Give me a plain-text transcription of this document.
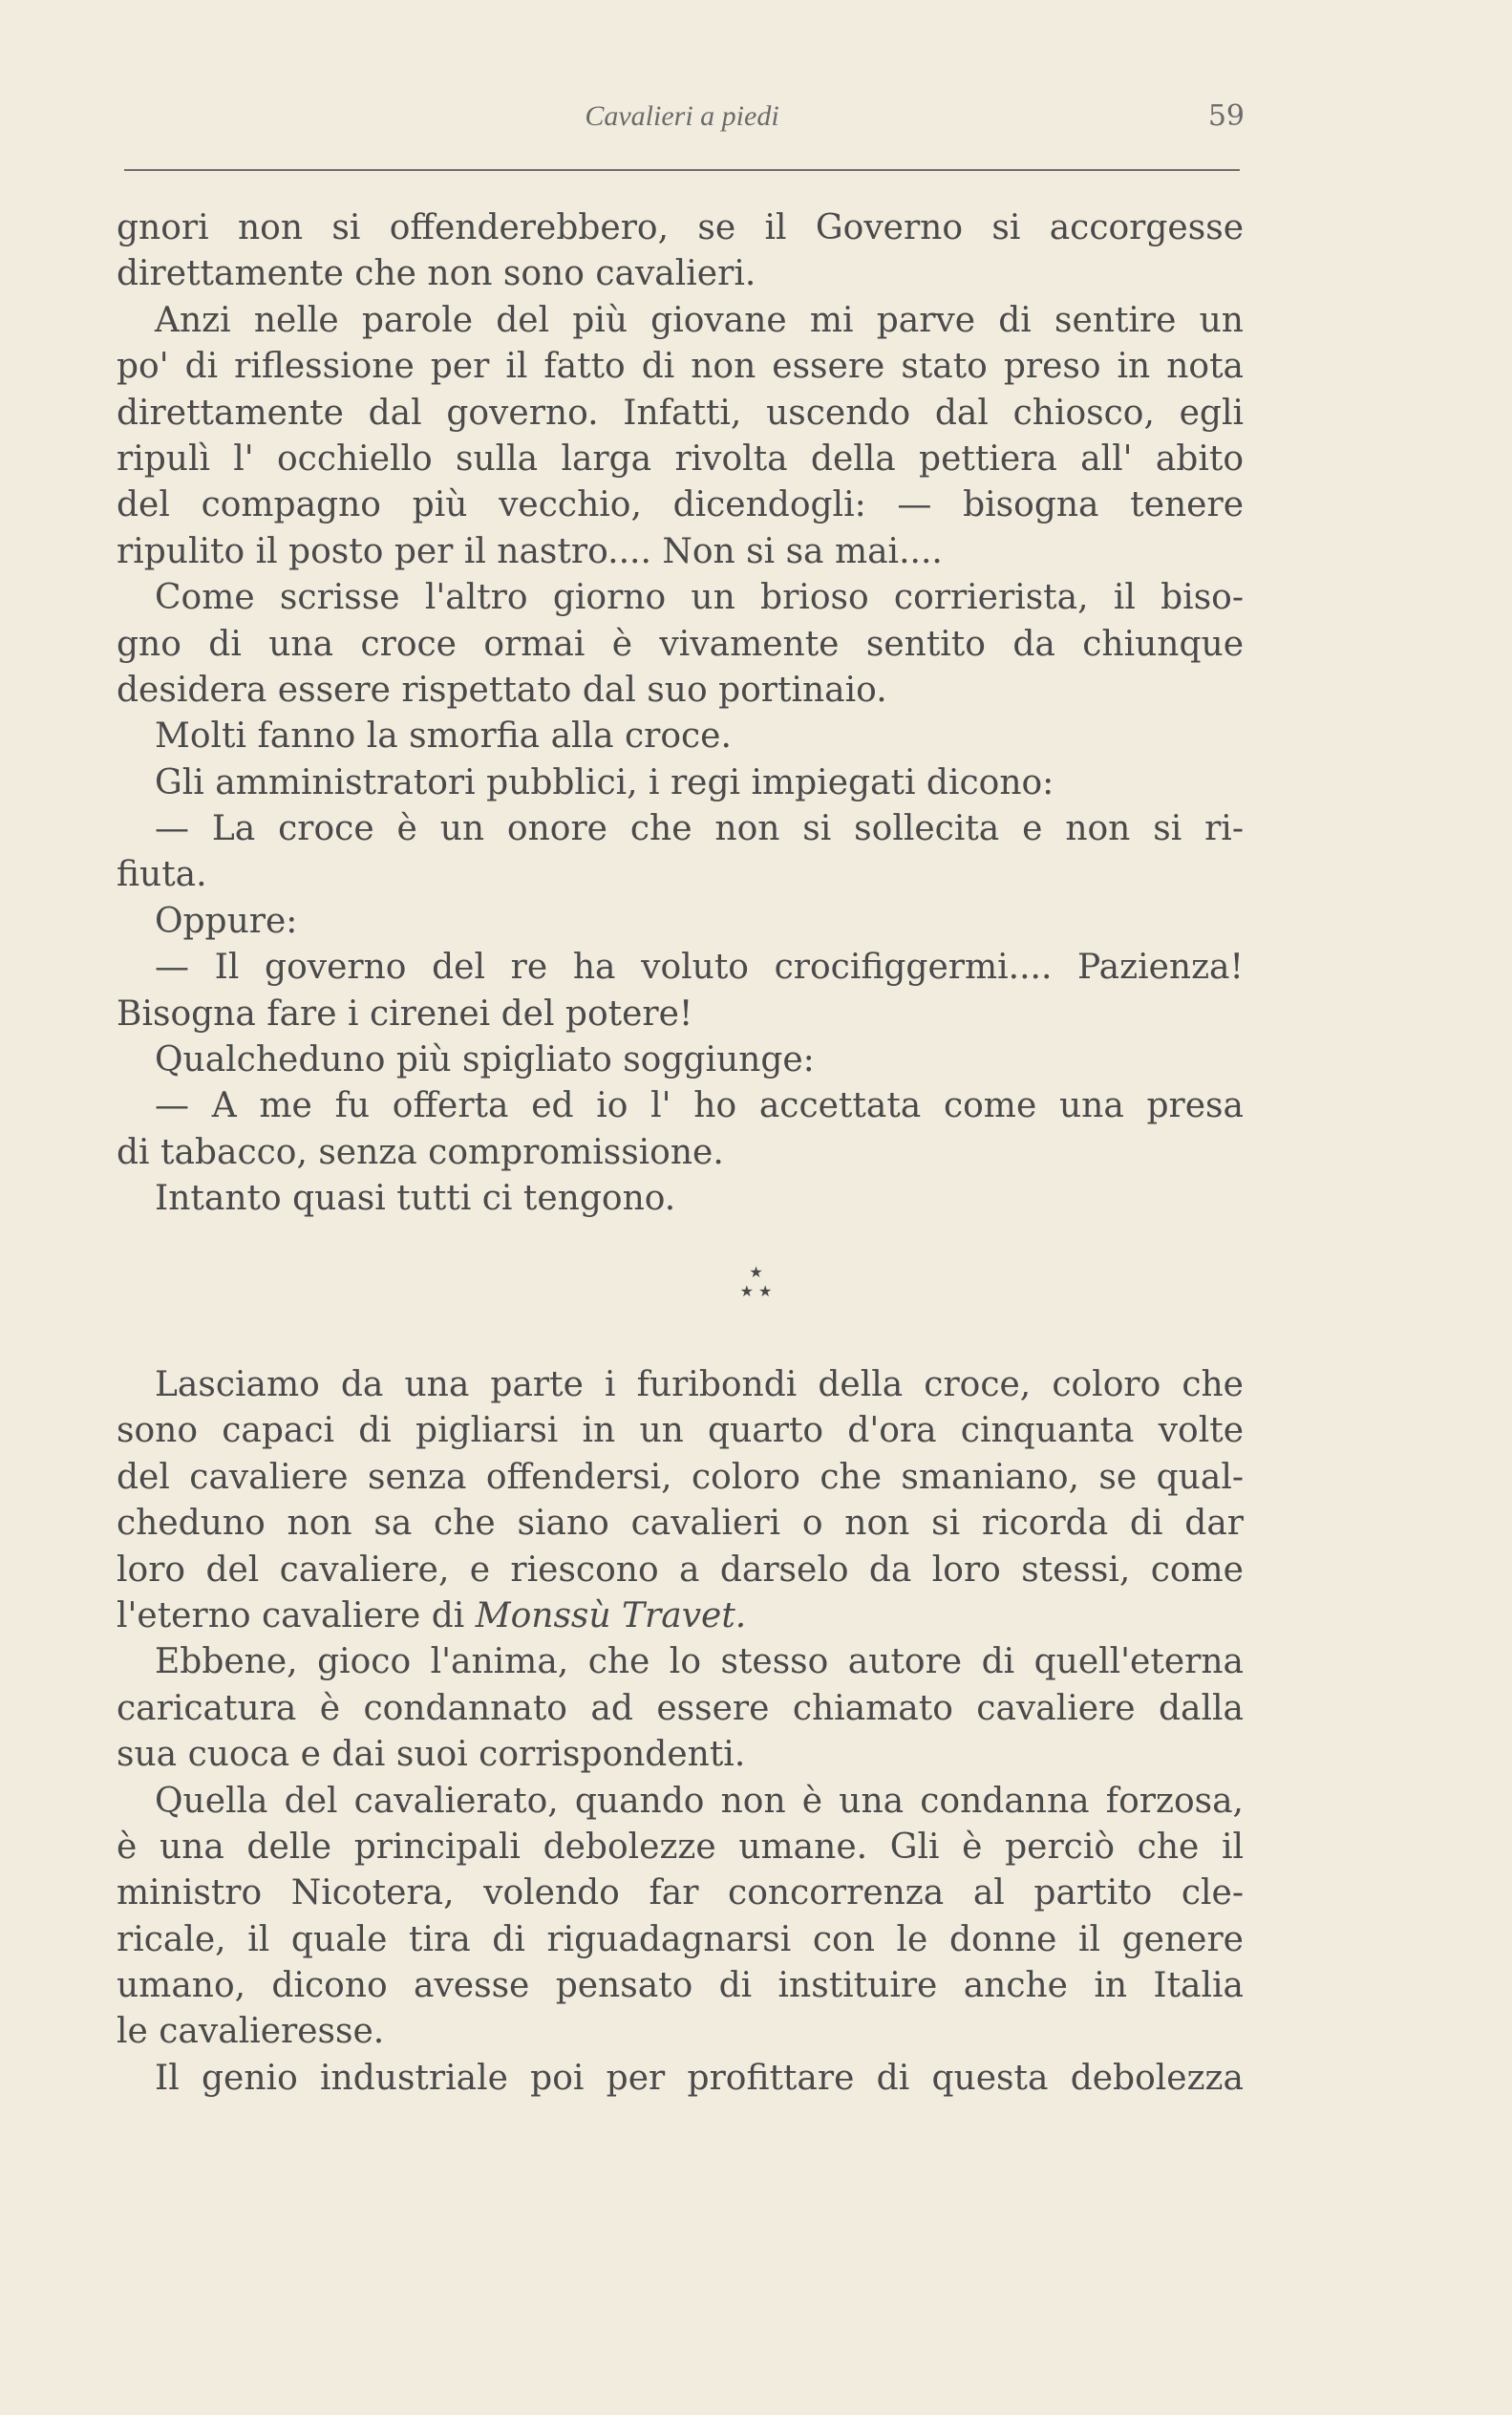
Cavalieri a piedi	59
gnori non si offenderebbero, se il Governo si accorgesse
direttamente che non sono cavalieri.
Anzi nelle parole del più giovane mi parve di sentire un
po' di riflessione per il fatto di non essere stato preso in nota
direttamente dal governo. Infatti, uscendo dal chiosco, egli
ripulì l' occhiello sulla larga rivolta della pettiera all' abito
del compagno più vecchio, dicendogli: — bisogna tenere
ripulito il posto per il nastro.... Non si sa mai....
Come scrisse l'altro giorno un brioso corrierista, il biso-
gno di una croce ormai è vivamente sentito da chiunque
desidera essere rispettato dal suo portinaio.
Molti fanno la smorfia alla croce.
Gli amministratori pubblici, i regi impiegati dicono:
— La croce è un onore che non si sollecita e non si ri-
fiuta.
Oppure:
— Il governo del re ha voluto crocifiggermi.... Pazienza!
Bisogna fare i cirenei del potere!
Qualcheduno più spigliato soggiunge:
— A me fu offerta ed io l' ho accettata come una presa
di tabacco, senza compromissione.
Intanto quasi tutti ci tengono.
★
★ ★
Lasciamo da una parte i furibondi della croce, coloro che
sono capaci di pigliarsi in un quarto d'ora cinquanta volte
del cavaliere senza offendersi, coloro che smaniano, se qual-
cheduno non sa che siano cavalieri o non si ricorda di dar
loro del cavaliere, e riescono a darselo da loro stessi, come
l'eterno cavaliere di Monssù Travet.
Ebbene, gioco l'anima, che lo stesso autore di quell'eterna
caricatura è condannato ad essere chiamato cavaliere dalla
sua cuoca e dai suoi corrispondenti.
Quella del cavalierato, quando non è una condanna forzosa,
è una delle principali debolezze umane. Gli è perciò che il
ministro Nicotera, volendo far concorrenza al partito cle-
ricale, il quale tira di riguadagnarsi con le donne il genere
umano, dicono avesse pensato di instituire anche in Italia
le cavalieresse.
Il genio industriale poi per profittare di questa debolezza
